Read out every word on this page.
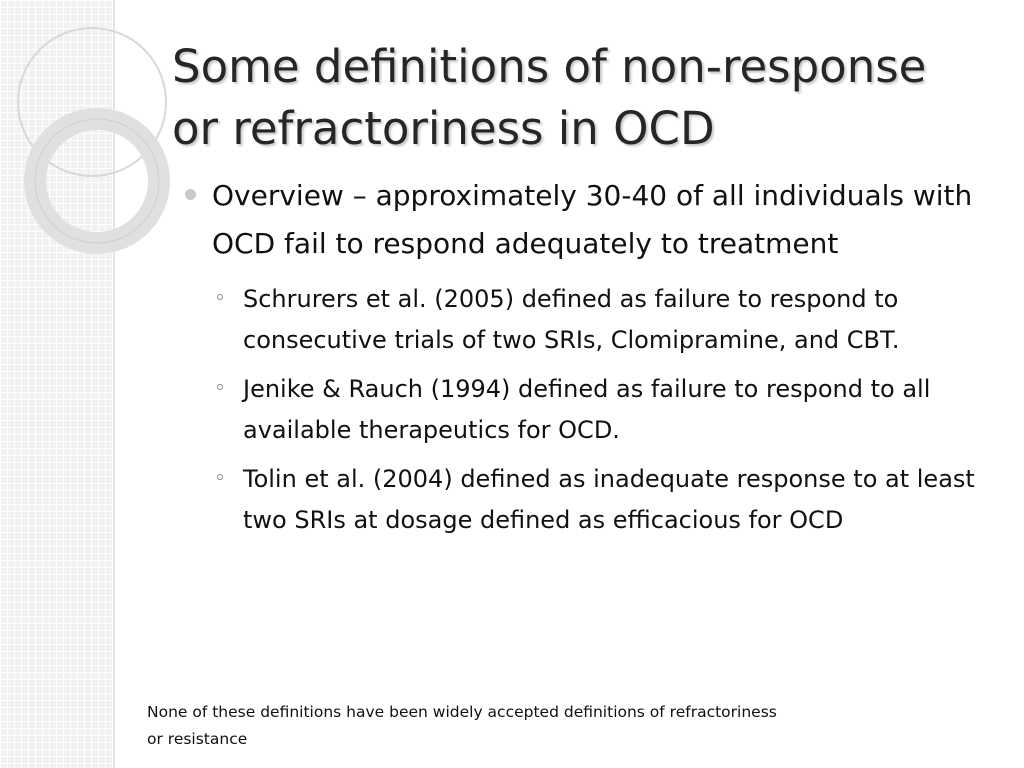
Some definitions of non-response
or refractoriness in OCD
Overview – approximately 30-40 of all individuals with OCD fail to respond adequately to treatment
Schrurers et al. (2005) defined as failure to respond to consecutive trials of two SRIs, Clomipramine, and CBT.
Jenike & Rauch (1994) defined as failure to respond to all available therapeutics for OCD.
Tolin et al. (2004) defined as inadequate response to at least two SRIs at dosage defined as efficacious for OCD
None of these definitions have been widely accepted definitions of refractoriness or resistance
